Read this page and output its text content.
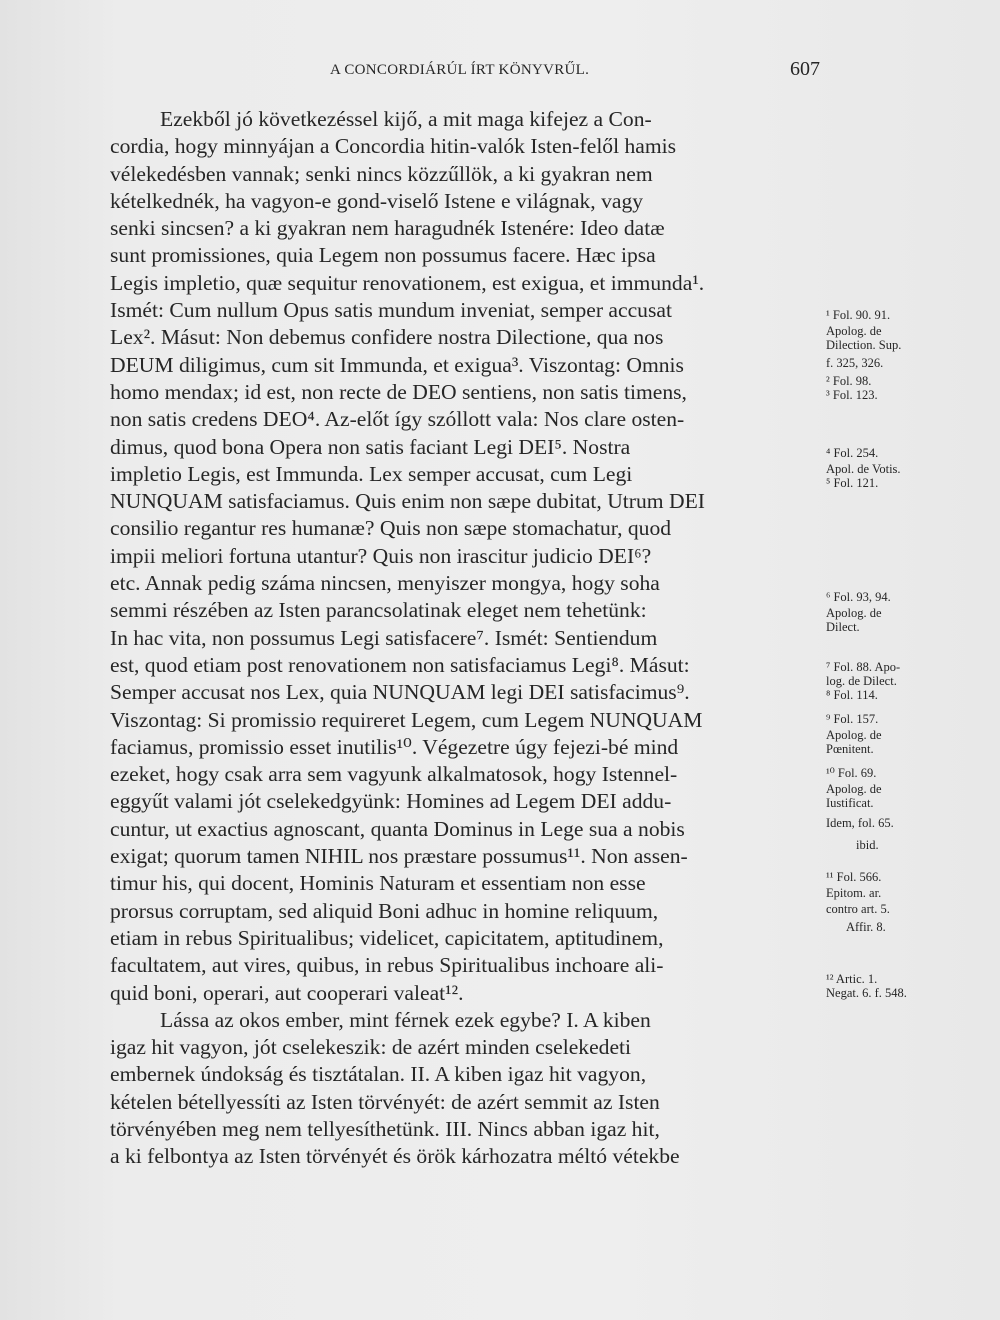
A CONCORDIÁRÚL ÍRT KÖNYVRŰL.	607
Ezekből jó következéssel kijő, a mit maga kifejez a Con-
cordia, hogy minnyájan a Concordia hitin-valók Isten-felől hamis
vélekedésben vannak; senki nincs közzűllök, a ki gyakran nem
kételkednék, ha vagyon-e gond-viselő Istene e világnak, vagy
senki sincsen? a ki gyakran nem haragudnék Istenére: Ideo datæ
sunt promissiones, quia Legem non possumus facere. Hæc ipsa
Legis impletio, quæ sequitur renovationem, est exigua, et immunda¹.
Ismét: Cum nullum Opus satis mundum inveniat, semper accusat
Lex². Másut: Non debemus confidere nostra Dilectione, qua nos
DEUM diligimus, cum sit Immunda, et exigua³. Viszontag: Omnis
homo mendax; id est, non recte de DEO sentiens, non satis timens,
non satis credens DEO⁴. Az-előt így szóllott vala: Nos clare osten-
dimus, quod bona Opera non satis faciant Legi DEI⁵. Nostra
impletio Legis, est Immunda. Lex semper accusat, cum Legi
NUNQUAM satisfaciamus. Quis enim non sæpe dubitat, Utrum DEI
consilio regantur res humanæ? Quis non sæpe stomachatur, quod
impii meliori fortuna utantur? Quis non irascitur judicio DEI⁶?
etc. Annak pedig száma nincsen, menyiszer mongya, hogy soha
semmi részében az Isten parancsolatinak eleget nem tehetünk:
In hac vita, non possumus Legi satisfacere⁷. Ismét: Sentiendum
est, quod etiam post renovationem non satisfaciamus Legi⁸. Másut:
Semper accusat nos Lex, quia NUNQUAM legi DEI satisfacimus⁹.
Viszontag: Si promissio requireret Legem, cum Legem NUNQUAM
faciamus, promissio esset inutilis¹⁰. Végezetre úgy fejezi-bé mind
ezeket, hogy csak arra sem vagyunk alkalmatosok, hogy Istennel-
eggyűt valami jót cselekedgyünk: Homines ad Legem DEI addu-
cuntur, ut exactius agnoscant, quanta Dominus in Lege sua a nobis
exigat; quorum tamen NIHIL nos præstare possumus¹¹. Non assen-
timur his, qui docent, Hominis Naturam et essentiam non esse
prorsus corruptam, sed aliquid Boni adhuc in homine reliquum,
etiam in rebus Spiritualibus; videlicet, capicitatem, aptitudinem,
facultatem, aut vires, quibus, in rebus Spiritualibus inchoare ali-
quid boni, operari, aut cooperari valeat¹².
Lássa az okos ember, mint férnek ezek egybe? I. A kiben
igaz hit vagyon, jót cselekeszik: de azért minden cselekedeti
embernek úndokság és tisztátalan. II. A kiben igaz hit vagyon,
kételen bétellyessíti az Isten törvényét: de azért semmit az Isten
törvényében meg nem tellyesíthetünk. III. Nincs abban igaz hit,
a ki felbontya az Isten törvényét és örök kárhozatra méltó vétekbe
¹ Fol. 90. 91.
Apolog. de
Dilection. Sup.
f. 325, 326.
² Fol. 98.
³ Fol. 123.
⁴ Fol. 254.
Apol. de Votis.
⁵ Fol. 121.
⁶ Fol. 93, 94.
Apolog. de
Dilect.
⁷ Fol. 88. Apo-
log. de Dilect.
⁸ Fol. 114.
⁹ Fol. 157.
Apolog. de
Pœnitent.
¹⁰ Fol. 69.
Apolog. de
Iustificat.
Idem, fol. 65.
ibid.
¹¹ Fol. 566.
Epitom. ar.
contro art. 5.
Affir. 8.
¹² Artic. 1.
Negat. 6. f. 548.
